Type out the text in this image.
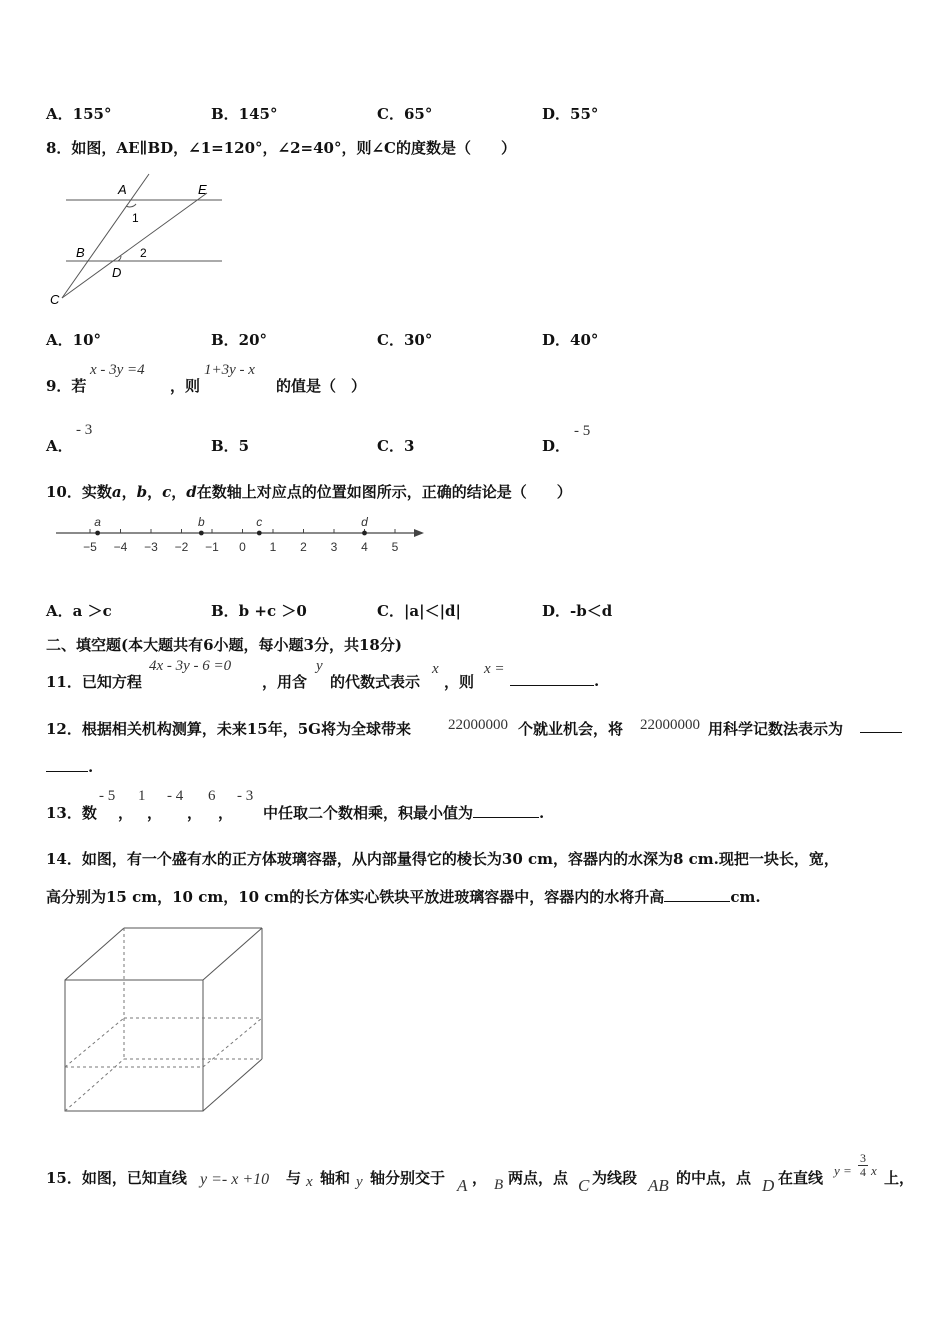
A．155°	B．145°	C．65°	D．55°
8．如图，AE∥BD，∠1=120°，∠2=40°，则∠C的度数是（　　）
A	E
1
B	2
D
C
A．10°	B．20°	C．30°	D．40°
9．若
x - 3y =4
，则
1+3y - x
的值是（　）
A．
- 3
B．5	C．3	D．
- 5
10．实数a，b，c，d在数轴上对应点的位置如图所示，正确的结论是（　　）
−5 −4 −3 −2 −1 0 1 2 3 4 5
a	b	c	d
A．a ＞c	B．b +c ＞0	C．|a|＜|d|	D．-b＜d
二、填空题(本大题共有6小题，每小题3分，共18分)
11．已知方程
4x - 3y - 6 =0
，用含
y
的代数式表示
x
，则
x =
.
12．根据相关机构测算，未来15年，5G将为全球带来 22000000 个就业机会，将 22000000 用科学记数法表示为
.
13．数
- 5
，
1
，
- 4
，
6
，
- 3
中任取二个数相乘，积最小值为	.
14．如图，有一个盛有水的正方体玻璃容器，从内部量得它的棱长为30 cm，容器内的水深为8 cm.现把一块长，宽，
高分别为15 cm，10 cm，10 cm的长方体实心铁块平放进玻璃容器中，容器内的水将升高	cm.
15．如图，已知直线 y =- x +10 与 x 轴和 y 轴分别交于 A ， B 两点，点 C 为线段 AB 的中点，点 D 在直线 $y = \frac{3}{4}$ x 上，
